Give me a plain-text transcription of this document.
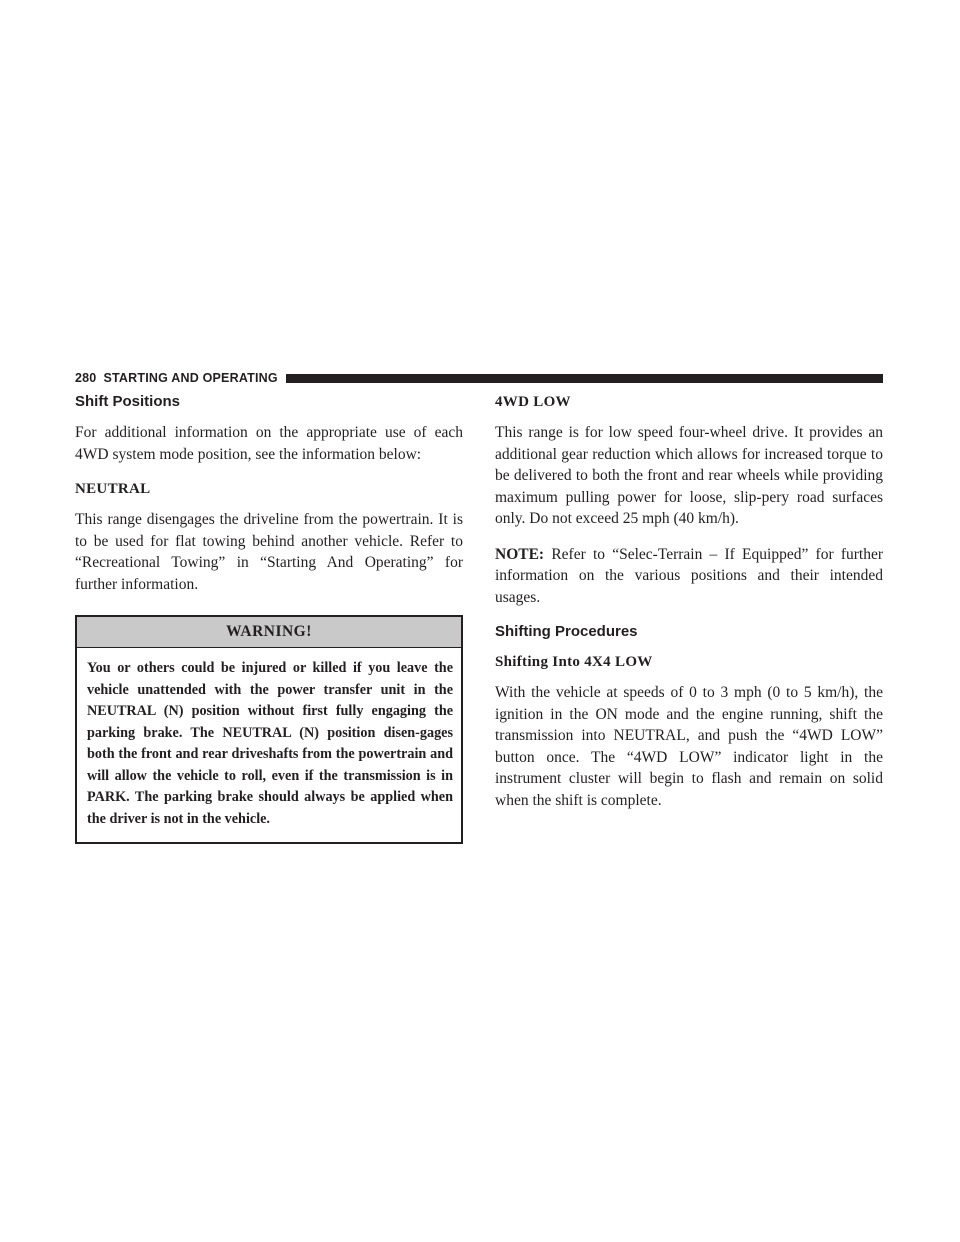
280 STARTING AND OPERATING
Shift Positions

For additional information on the appropriate use of each 4WD system mode position, see the information below:

NEUTRAL

This range disengages the driveline from the powertrain. It is to be used for flat towing behind another vehicle. Refer to “Recreational Towing” in “Starting And Operating” for further information.

WARNING!
You or others could be injured or killed if you leave the vehicle unattended with the power transfer unit in the NEUTRAL (N) position without first fully engaging the parking brake. The NEUTRAL (N) position disen-gages both the front and rear driveshafts from the powertrain and will allow the vehicle to roll, even if the transmission is in PARK. The parking brake should always be applied when the driver is not in the vehicle.
4WD LOW

This range is for low speed four-wheel drive. It provides an additional gear reduction which allows for increased torque to be delivered to both the front and rear wheels while providing maximum pulling power for loose, slip-pery road surfaces only. Do not exceed 25 mph (40 km/h).

NOTE: Refer to “Selec-Terrain – If Equipped” for further information on the various positions and their intended usages.

Shifting Procedures
Shifting Into 4X4 LOW

With the vehicle at speeds of 0 to 3 mph (0 to 5 km/h), the ignition in the ON mode and the engine running, shift the transmission into NEUTRAL, and push the “4WD LOW” button once. The “4WD LOW” indicator light in the instrument cluster will begin to flash and remain on solid when the shift is complete.
